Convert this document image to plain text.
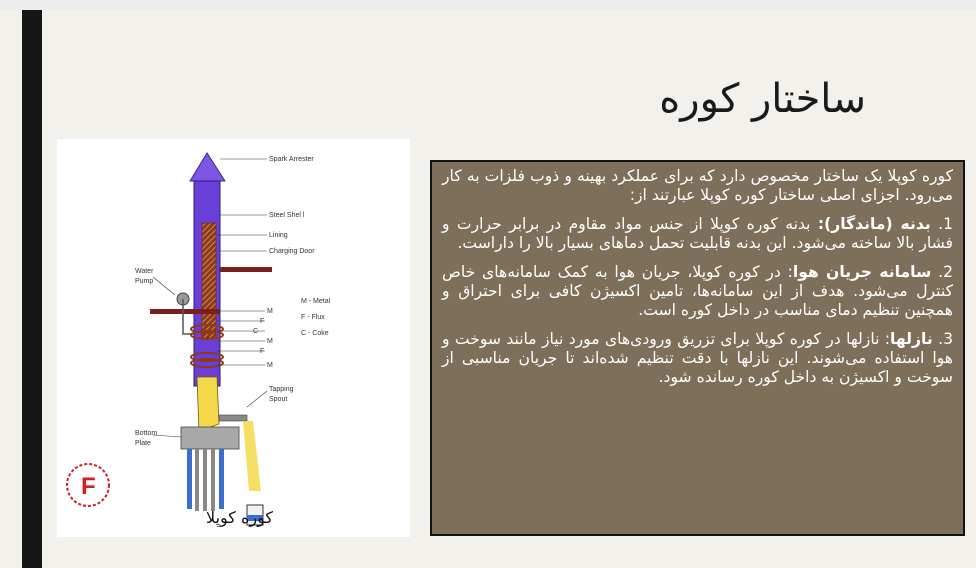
ساختار کوره
Spark Arrester
Steel Shel l
Lining
Charging Door
M
F
C
M
F
M
M - Metal
F - Flux
C - Coke
Tapping
Spout
Water
Pump
Bottom
Plate
کوره کوپلا
F

کوره کوپلا یک ساختار مخصوص دارد که برای عملکرد بهینه و ذوب فلزات به کار می‌رود. اجزای اصلی ساختار کوره کوپلا عبارتند از:

1. بدنه (ماندگار): بدنه کوره کوپلا از جنس مواد مقاوم در برابر حرارت و فشار بالا ساخته می‌شود. این بدنه قابلیت تحمل دماهای بسیار بالا را داراست.

2. سامانه جریان هوا: در کوره کوپلا، جریان هوا به کمک سامانه‌های خاص کنترل می‌شود. هدف از این سامانه‌ها، تامین اکسیژن کافی برای احتراق و همچنین تنظیم دمای مناسب در داخل کوره است.

3. نازلها: نازلها در کوره کوپلا برای تزریق ورودی‌های مورد نیاز مانند سوخت و هوا استفاده می‌شوند. این نازلها با دقت تنظیم شده‌اند تا جریان مناسبی از سوخت و اکسیژن به داخل کوره رسانده شود.
